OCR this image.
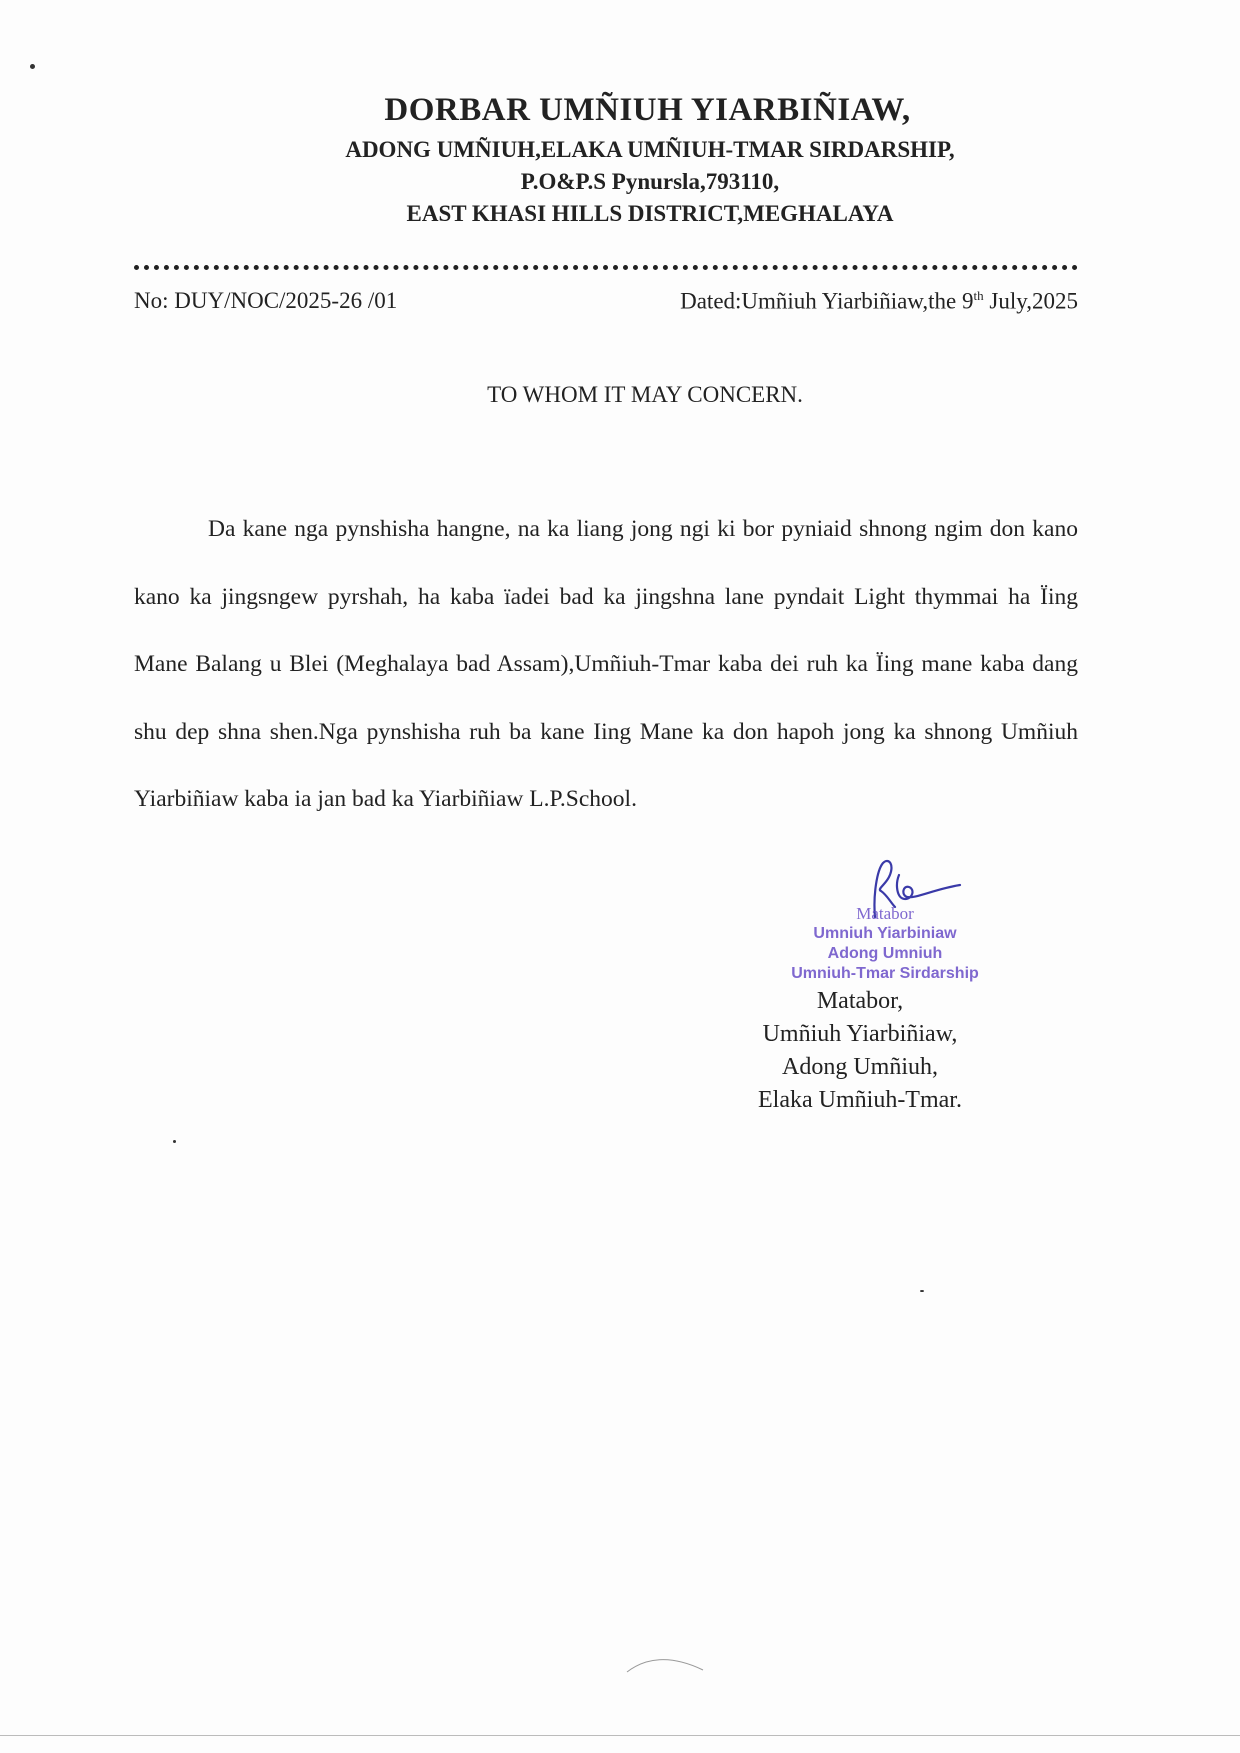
DORBAR UMÑIUH YIARBIÑIAW,
ADONG UMÑIUH,ELAKA UMÑIUH-TMAR SIRDARSHIP,
P.O&P.S Pynursla,793110,
EAST KHASI HILLS DISTRICT,MEGHALAYA
No: DUY/NOC/2025-26 /01	Dated:Umñiuh Yiarbiñiaw,the 9th July,2025
TO WHOM IT MAY CONCERN.

Da kane nga pynshisha hangne, na ka liang jong ngi ki bor pyniaid shnong ngim don kano kano ka jingsngew pyrshah, ha kaba ïadei bad ka jingshna lane pyndait Light thymmai ha Ïing Mane Balang u Blei (Meghalaya bad Assam),Umñiuh-Tmar kaba dei ruh ka Ïing mane kaba dang shu dep shna shen.Nga pynshisha ruh ba kane Iing Mane ka don hapoh jong ka shnong Umñiuh Yiarbiñiaw kaba ia jan bad ka Yiarbiñiaw L.P.School.

Matabor
Umniuh Yiarbiniaw
Adong Umniuh
Umniuh-Tmar Sirdarship
Matabor,
Umñiuh Yiarbiñiaw,
Adong Umñiuh,
Elaka Umñiuh-Tmar.
